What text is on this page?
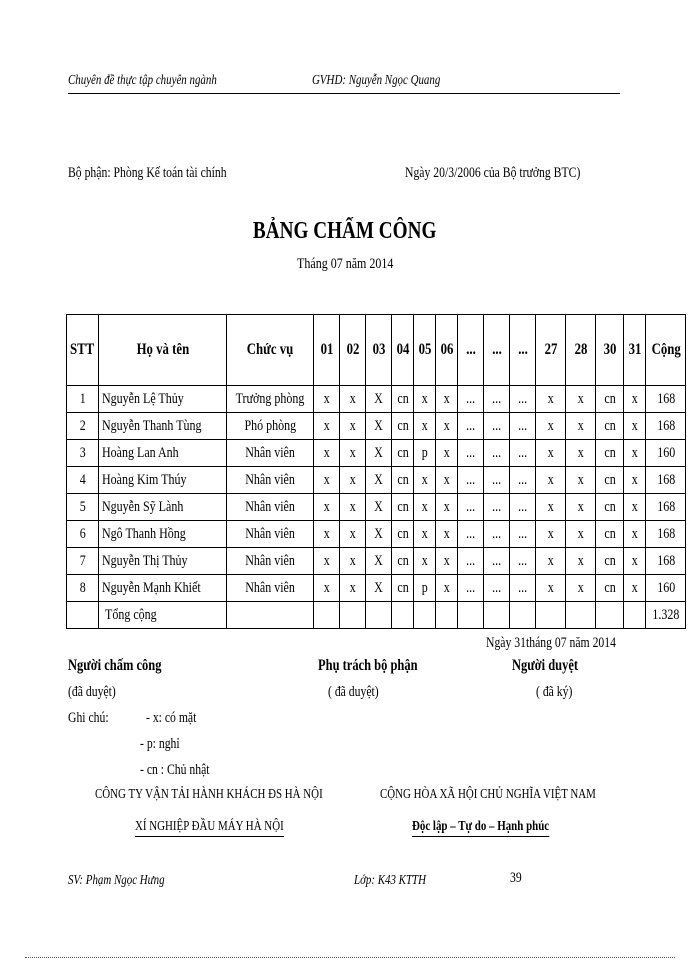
Chuyên đề thực tập chuyên ngành	GVHD: Nguyễn Ngọc Quang
Bộ phận: Phòng Kế toán tài chính	Ngày 20/3/2006 của Bộ trưởng BTC)
BẢNG CHẤM CÔNG
Tháng 07 năm 2014
STT	Họ và tên	Chức vụ	01	02	03	04	05	06	...	...	...	27	28	30	31	Cộng
1	Nguyễn Lệ Thủy	Trưởng phòng	x	x	X	cn	x	x	...	...	...	x	x	cn	x	168
2	Nguyễn Thanh Tùng	Phó phòng	x	x	X	cn	x	x	...	...	...	x	x	cn	x	168
3	Hoàng Lan Anh	Nhân viên	x	x	X	cn	p	x	...	...	...	x	x	cn	x	160
4	Hoàng Kim Thúy	Nhân viên	x	x	X	cn	x	x	...	...	...	x	x	cn	x	168
5	Nguyễn Sỹ Lành	Nhân viên	x	x	X	cn	x	x	...	...	...	x	x	cn	x	168
6	Ngô Thanh Hồng	Nhân viên	x	x	X	cn	x	x	...	...	...	x	x	cn	x	168
7	Nguyễn Thị Thủy	Nhân viên	x	x	X	cn	x	x	...	...	...	x	x	cn	x	168
8	Nguyễn Mạnh Khiết	Nhân viên	x	x	X	cn	p	x	...	...	...	x	x	cn	x	160
	Tổng cộng															1.328
Ngày 31tháng 07 năm 2014
Người chấm công
(đã duyệt)
Phụ trách bộ phận
( đã duyệt)
Người duyệt
( đã ký)
Ghi chú:	- x: có mặt
- p: nghỉ
- cn : Chủ nhật
CÔNG TY VẬN TẢI HÀNH KHÁCH ĐS HÀ NỘI	CỘNG HÒA XÃ HỘI CHỦ NGHĨA VIỆT NAM
XÍ NGHIỆP ĐẦU MÁY HÀ NỘI	Độc lập – Tự do – Hạnh phúc
SV: Phạm Ngọc Hưng	Lớp: K43 KTTH	39
